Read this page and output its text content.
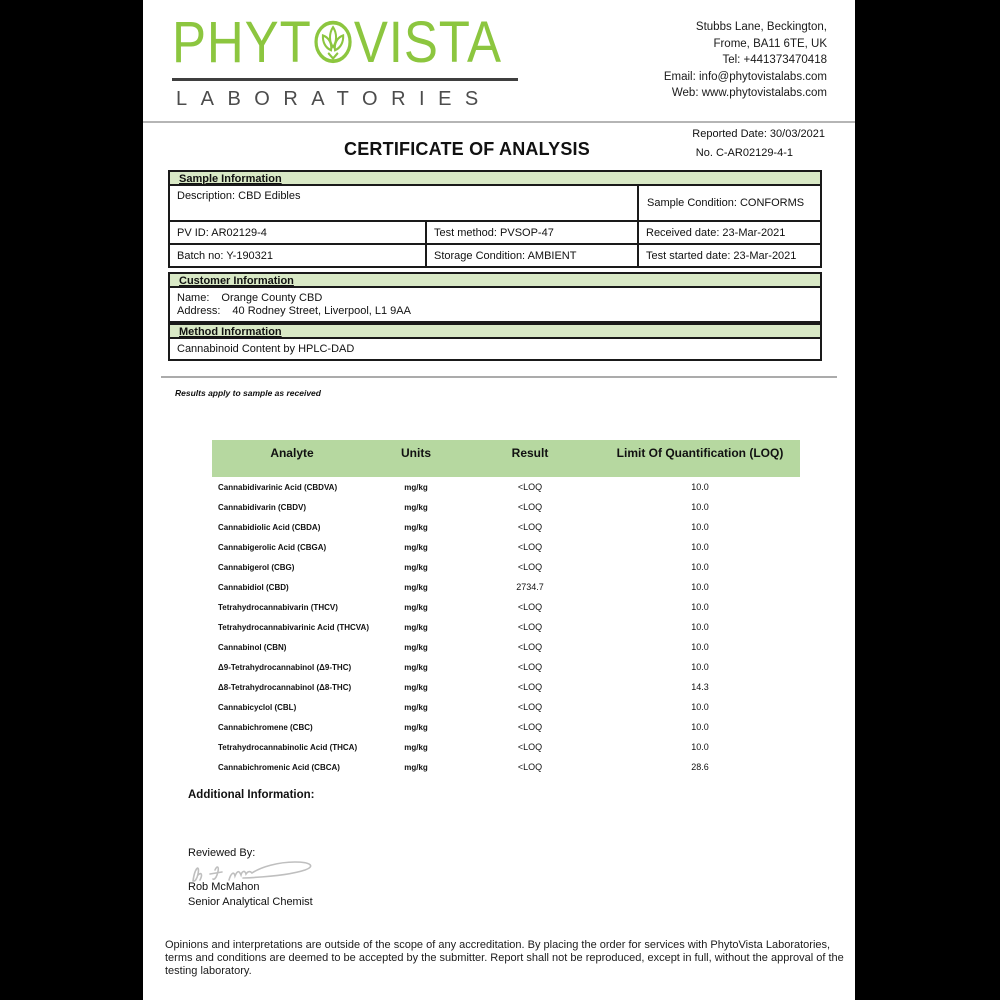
PHYT VISTA
LABORATORIES
Stubbs Lane, Beckington,
Frome, BA11 6TE, UK
Tel: +441373470418
Email: info@phytovistalabs.com
Web: www.phytovistalabs.com
Reported Date: 30/03/2021
No. C-AR02129-4-1
CERTIFICATE OF ANALYSIS
Sample Information
Description: CBD Edibles
Sample Condition: CONFORMS
PV ID: AR02129-4	Test method: PVSOP-47	Received date: 23-Mar-2021
Batch no: Y-190321	Storage Condition: AMBIENT	Test started date: 23-Mar-2021
Customer Information
Name: Orange County CBD
Address: 40 Rodney Street, Liverpool, L1 9AA
Method Information
Cannabinoid Content by HPLC-DAD
Results apply to sample as received
Analyte	Units	Result	Limit Of Quantification (LOQ)
Cannabidivarinic Acid (CBDVA)	mg/kg	<LOQ	10.0
Cannabidivarin (CBDV)	mg/kg	<LOQ	10.0
Cannabidiolic Acid (CBDA)	mg/kg	<LOQ	10.0
Cannabigerolic Acid (CBGA)	mg/kg	<LOQ	10.0
Cannabigerol (CBG)	mg/kg	<LOQ	10.0
Cannabidiol (CBD)	mg/kg	2734.7	10.0
Tetrahydrocannabivarin (THCV)	mg/kg	<LOQ	10.0
Tetrahydrocannabivarinic Acid (THCVA)	mg/kg	<LOQ	10.0
Cannabinol (CBN)	mg/kg	<LOQ	10.0
Δ9-Tetrahydrocannabinol (Δ9-THC)	mg/kg	<LOQ	10.0
Δ8-Tetrahydrocannabinol (Δ8-THC)	mg/kg	<LOQ	14.3
Cannabicyclol (CBL)	mg/kg	<LOQ	10.0
Cannabichromene (CBC)	mg/kg	<LOQ	10.0
Tetrahydrocannabinolic Acid (THCA)	mg/kg	<LOQ	10.0
Cannabichromenic Acid (CBCA)	mg/kg	<LOQ	28.6
Additional Information:
Reviewed By:
Rob McMahon
Senior Analytical Chemist
Opinions and interpretations are outside of the scope of any accreditation. By placing the order for services with PhytoVista Laboratories, terms and conditions are deemed to be accepted by the submitter. Report shall not be reproduced, except in full, without the approval of the testing laboratory.
